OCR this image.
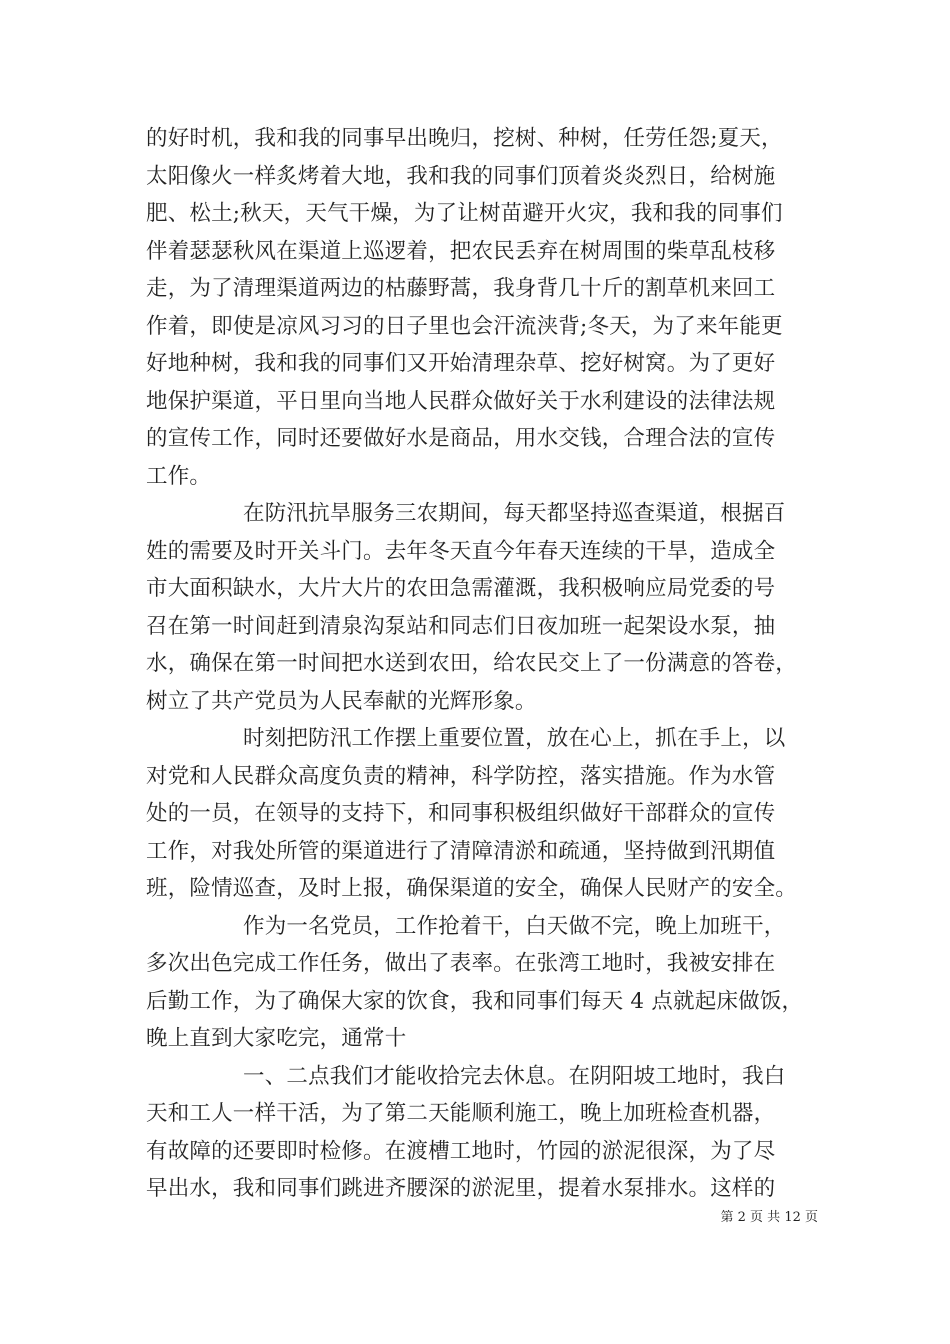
的好时机，我和我的同事早出晚归，挖树、种树，任劳任怨;夏天，
太阳像火一样炙烤着大地，我和我的同事们顶着炎炎烈日，给树施
肥、松土;秋天，天气干燥，为了让树苗避开火灾，我和我的同事们
伴着瑟瑟秋风在渠道上巡逻着，把农民丢弃在树周围的柴草乱枝移
走，为了清理渠道两边的枯藤野蒿，我身背几十斤的割草机来回工
作着，即使是凉风习习的日子里也会汗流浃背;冬天，为了来年能更
好地种树，我和我的同事们又开始清理杂草、挖好树窝。为了更好
地保护渠道，平日里向当地人民群众做好关于水利建设的法律法规
的宣传工作，同时还要做好水是商品，用水交钱，合理合法的宣传
工作。
在防汛抗旱服务三农期间，每天都坚持巡查渠道，根据百
姓的需要及时开关斗门。去年冬天直今年春天连续的干旱，造成全
市大面积缺水，大片大片的农田急需灌溉，我积极响应局党委的号
召在第一时间赶到清泉沟泵站和同志们日夜加班一起架设水泵，抽
水，确保在第一时间把水送到农田，给农民交上了一份满意的答卷，
树立了共产党员为人民奉献的光辉形象。
时刻把防汛工作摆上重要位置，放在心上，抓在手上，以
对党和人民群众高度负责的精神，科学防控，落实措施。作为水管
处的一员，在领导的支持下，和同事积极组织做好干部群众的宣传
工作，对我处所管的渠道进行了清障清淤和疏通，坚持做到汛期值
班，险情巡查，及时上报，确保渠道的安全，确保人民财产的安全。
作为一名党员，工作抢着干，白天做不完，晚上加班干，
多次出色完成工作任务，做出了表率。在张湾工地时，我被安排在
后勤工作，为了确保大家的饮食，我和同事们每天 4 点就起床做饭，
晚上直到大家吃完，通常十
一、二点我们才能收拾完去休息。在阴阳坡工地时，我白
天和工人一样干活，为了第二天能顺利施工，晚上加班检查机器，
有故障的还要即时检修。在渡槽工地时，竹园的淤泥很深，为了尽
早出水，我和同事们跳进齐腰深的淤泥里，提着水泵排水。这样的
第 2 页 共 12 页
